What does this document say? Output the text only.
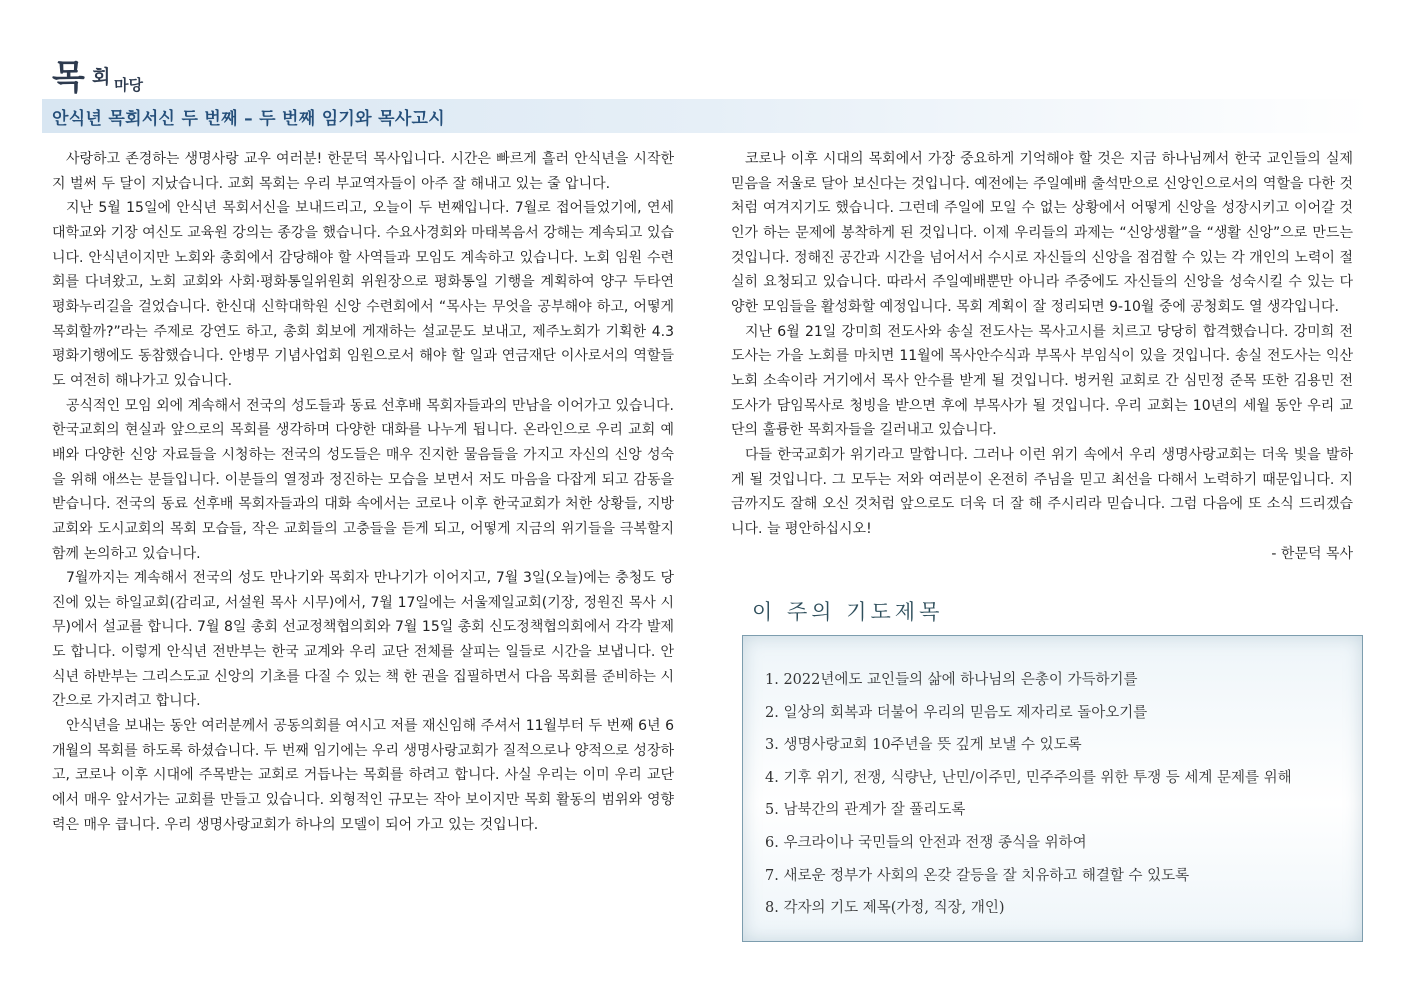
목 회 마당
안식년 목회서신 두 번째 – 두 번째 임기와 목사고시

사랑하고 존경하는 생명사랑 교우 여러분! 한문덕 목사입니다. 시간은 빠르게 흘러 안식년을 시작한 지 벌써 두 달이 지났습니다. 교회 목회는 우리 부교역자들이 아주 잘 해내고 있는 줄 압니다.

지난 5월 15일에 안식년 목회서신을 보내드리고, 오늘이 두 번째입니다. 7월로 접어들었기에, 연세대학교와 기장 여신도 교육원 강의는 종강을 했습니다. 수요사경회와 마태복음서 강해는 계속되고 있습니다. 안식년이지만 노회와 총회에서 감당해야 할 사역들과 모임도 계속하고 있습니다. 노회 임원 수련회를 다녀왔고, 노회 교회와 사회·평화통일위원회 위원장으로 평화통일 기행을 계획하여 양구 두타연 평화누리길을 걸었습니다. 한신대 신학대학원 신앙 수련회에서 “목사는 무엇을 공부해야 하고, 어떻게 목회할까?”라는 주제로 강연도 하고, 총회 회보에 게재하는 설교문도 보내고, 제주노회가 기획한 4.3 평화기행에도 동참했습니다. 안병무 기념사업회 임원으로서 해야 할 일과 연금재단 이사로서의 역할들도 여전히 해나가고 있습니다.

공식적인 모임 외에 계속해서 전국의 성도들과 동료 선후배 목회자들과의 만남을 이어가고 있습니다. 한국교회의 현실과 앞으로의 목회를 생각하며 다양한 대화를 나누게 됩니다. 온라인으로 우리 교회 예배와 다양한 신앙 자료들을 시청하는 전국의 성도들은 매우 진지한 물음들을 가지고 자신의 신앙 성숙을 위해 애쓰는 분들입니다. 이분들의 열정과 정진하는 모습을 보면서 저도 마음을 다잡게 되고 감동을 받습니다. 전국의 동료 선후배 목회자들과의 대화 속에서는 코로나 이후 한국교회가 처한 상황들, 지방 교회와 도시교회의 목회 모습들, 작은 교회들의 고충들을 듣게 되고, 어떻게 지금의 위기들을 극복할지 함께 논의하고 있습니다.

7월까지는 계속해서 전국의 성도 만나기와 목회자 만나기가 이어지고, 7월 3일(오늘)에는 충청도 당진에 있는 하일교회(감리교, 서설원 목사 시무)에서, 7월 17일에는 서울제일교회(기장, 정원진 목사 시무)에서 설교를 합니다. 7월 8일 총회 선교정책협의회와 7월 15일 총회 신도정책협의회에서 각각 발제도 합니다. 이렇게 안식년 전반부는 한국 교계와 우리 교단 전체를 살피는 일들로 시간을 보냅니다. 안식년 하반부는 그리스도교 신앙의 기초를 다질 수 있는 책 한 권을 집필하면서 다음 목회를 준비하는 시간으로 가지려고 합니다.

안식년을 보내는 동안 여러분께서 공동의회를 여시고 저를 재신임해 주셔서 11월부터 두 번째 6년 6개월의 목회를 하도록 하셨습니다. 두 번째 임기에는 우리 생명사랑교회가 질적으로나 양적으로 성장하고, 코로나 이후 시대에 주목받는 교회로 거듭나는 목회를 하려고 합니다. 사실 우리는 이미 우리 교단에서 매우 앞서가는 교회를 만들고 있습니다. 외형적인 규모는 작아 보이지만 목회 활동의 범위와 영향력은 매우 큽니다. 우리 생명사랑교회가 하나의 모델이 되어 가고 있는 것입니다.

코로나 이후 시대의 목회에서 가장 중요하게 기억해야 할 것은 지금 하나님께서 한국 교인들의 실제 믿음을 저울로 달아 보신다는 것입니다. 예전에는 주일예배 출석만으로 신앙인으로서의 역할을 다한 것처럼 여겨지기도 했습니다. 그런데 주일에 모일 수 없는 상황에서 어떻게 신앙을 성장시키고 이어갈 것인가 하는 문제에 봉착하게 된 것입니다. 이제 우리들의 과제는 “신앙생활”을 “생활 신앙”으로 만드는 것입니다. 정해진 공간과 시간을 넘어서서 수시로 자신들의 신앙을 점검할 수 있는 각 개인의 노력이 절실히 요청되고 있습니다. 따라서 주일예배뿐만 아니라 주중에도 자신들의 신앙을 성숙시킬 수 있는 다양한 모임들을 활성화할 예정입니다. 목회 계획이 잘 정리되면 9-10월 중에 공청회도 열 생각입니다.

지난 6월 21일 강미희 전도사와 송실 전도사는 목사고시를 치르고 당당히 합격했습니다. 강미희 전도사는 가을 노회를 마치면 11월에 목사안수식과 부목사 부임식이 있을 것입니다. 송실 전도사는 익산노회 소속이라 거기에서 목사 안수를 받게 될 것입니다. 벙커원 교회로 간 심민정 준목 또한 김용민 전도사가 담임목사로 청빙을 받으면 후에 부목사가 될 것입니다. 우리 교회는 10년의 세월 동안 우리 교단의 훌륭한 목회자들을 길러내고 있습니다.

다들 한국교회가 위기라고 말합니다. 그러나 이런 위기 속에서 우리 생명사랑교회는 더욱 빛을 발하게 될 것입니다. 그 모두는 저와 여러분이 온전히 주님을 믿고 최선을 다해서 노력하기 때문입니다. 지금까지도 잘해 오신 것처럼 앞으로도 더욱 더 잘 해 주시리라 믿습니다. 그럼 다음에 또 소식 드리겠습니다. 늘 평안하십시오!

- 한문덕 목사

이 주의 기도제목
1. 2022년에도 교인들의 삶에 하나님의 은총이 가득하기를
2. 일상의 회복과 더불어 우리의 믿음도 제자리로 돌아오기를
3. 생명사랑교회 10주년을 뜻 깊게 보낼 수 있도록
4. 기후 위기, 전쟁, 식량난, 난민/이주민, 민주주의를 위한 투쟁 등 세계 문제를 위해
5. 남북간의 관계가 잘 풀리도록
6. 우크라이나 국민들의 안전과 전쟁 종식을 위하여
7. 새로운 정부가 사회의 온갖 갈등을 잘 치유하고 해결할 수 있도록
8. 각자의 기도 제목(가정, 직장, 개인)
